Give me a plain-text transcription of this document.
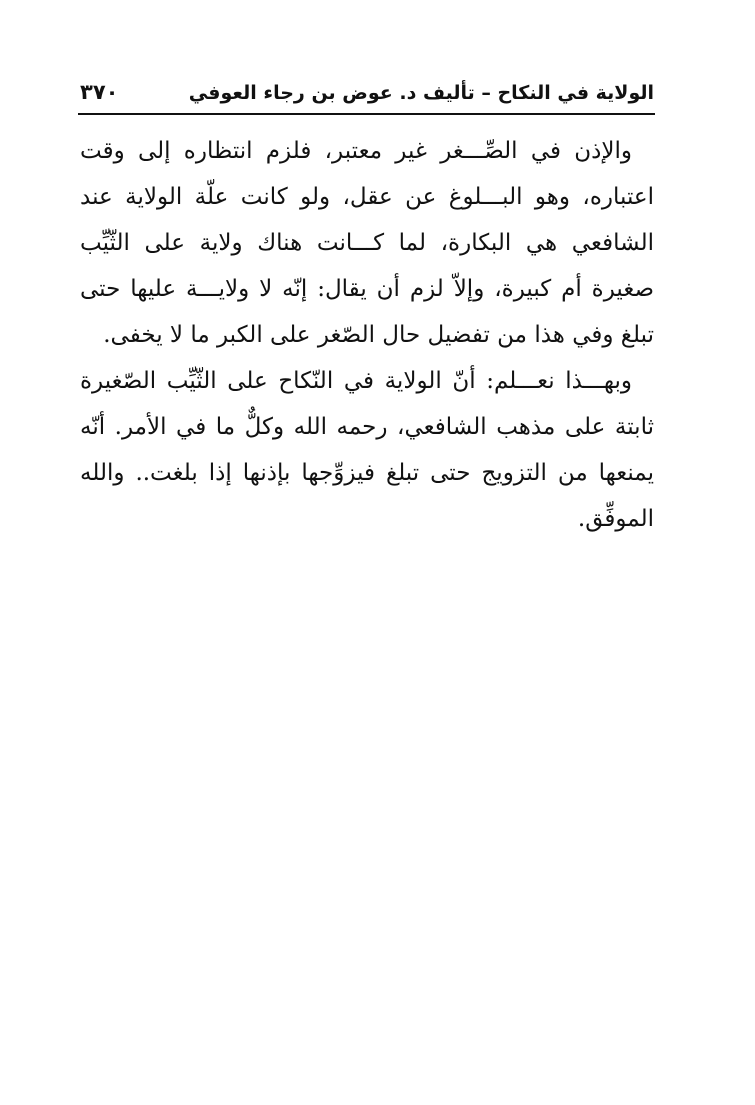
الولاية في النكاح – تأليف د. عوض بن رجاء العوفي
٣٧٠

والإذن في الصِّـــغر غير معتبر، فلزم انتظاره إلى وقت اعتباره، وهو البـــلوغ عن عقل، ولو كانت علّة الولاية عند الشافعي هي البكارة، لما كـــانت هناك ولاية على الثّيِّب صغيرة أم كبيرة، وإلاّ لزم أن يقال: إنّه لا ولايـــة عليها حتى تبلغ وفي هذا من تفضيل حال الصّغر على الكبر ما لا يخفى.

وبهـــذا نعـــلم: أنّ الولاية في النّكاح على الثّيِّب الصّغيرة ثابتة على مذهب الشافعي، رحمه الله وكلٌّ ما في الأمر. أنّه يمنعها من التزويج حتى تبلغ فيزوِّجها بإذنها إذا بلغت.. والله الموفِّق.
